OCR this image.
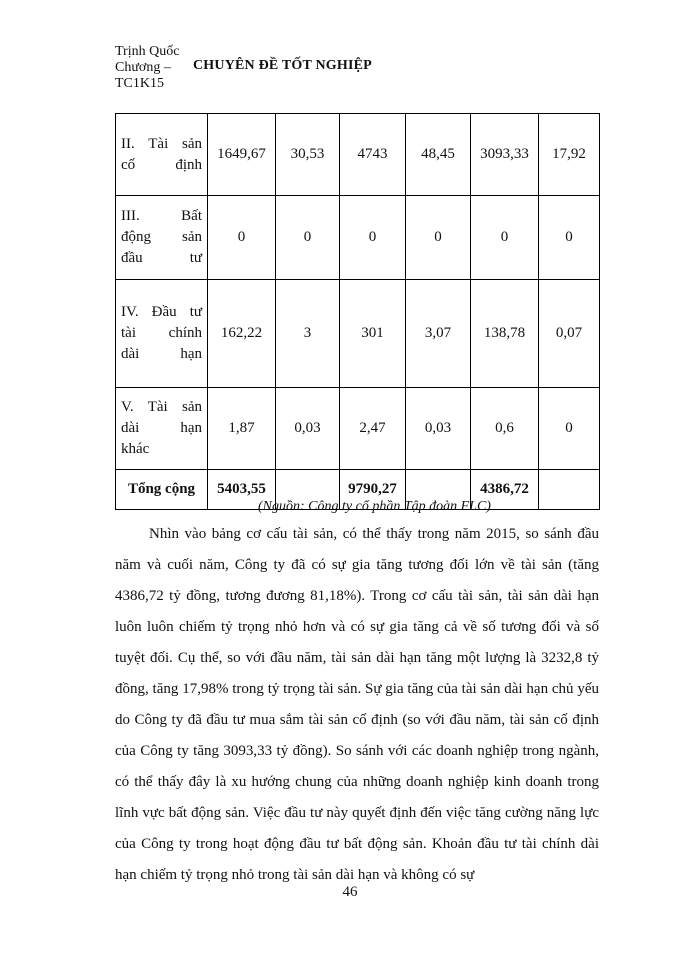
Trịnh Quốc
Chương –
TC1K15
CHUYÊN ĐỀ TỐT NGHIỆP
II. Tài sản
cố định	1649,67	30,53	4743	48,45	3093,33	17,92
III. Bất
động sản
đầu tư	0	0	0	0	0	0
IV. Đầu tư
tài chính
dài hạn	162,22	3	301	3,07	138,78	0,07
V. Tài sản
dài hạn
khác	1,87	0,03	2,47	0,03	0,6	0
Tổng cộng	5403,55		9790,27		4386,72	
(Nguồn: Công ty cổ phần Tập đoàn FLC)

Nhìn vào bảng cơ cấu tài sản, có thể thấy trong năm 2015, so sánh đầu năm và cuối năm, Công ty đã có sự gia tăng tương đối lớn về tài sản (tăng 4386,72 tỷ đồng, tương đương 81,18%). Trong cơ cấu tài sản, tài sản dài hạn luôn luôn chiếm tỷ trọng nhỏ hơn và có sự gia tăng cả về số tương đối và số tuyệt đối. Cụ thể, so với đầu năm, tài sản dài hạn tăng một lượng là 3232,8 tỷ đồng, tăng 17,98% trong tỷ trọng tài sản. Sự gia tăng của tài sản dài hạn chủ yếu do Công ty đã đầu tư mua sắm tài sản cố định (so với đầu năm, tài sản cố định của Công ty tăng 3093,33 tỷ đồng). So sánh với các doanh nghiệp trong ngành, có thể thấy đây là xu hướng chung của những doanh nghiệp kinh doanh trong lĩnh vực bất động sản. Việc đầu tư này quyết định đến việc tăng cường năng lực của Công ty trong hoạt động đầu tư bất động sản. Khoản đầu tư tài chính dài hạn chiếm tỷ trọng nhỏ trong tài sản dài hạn và không có sự

46
